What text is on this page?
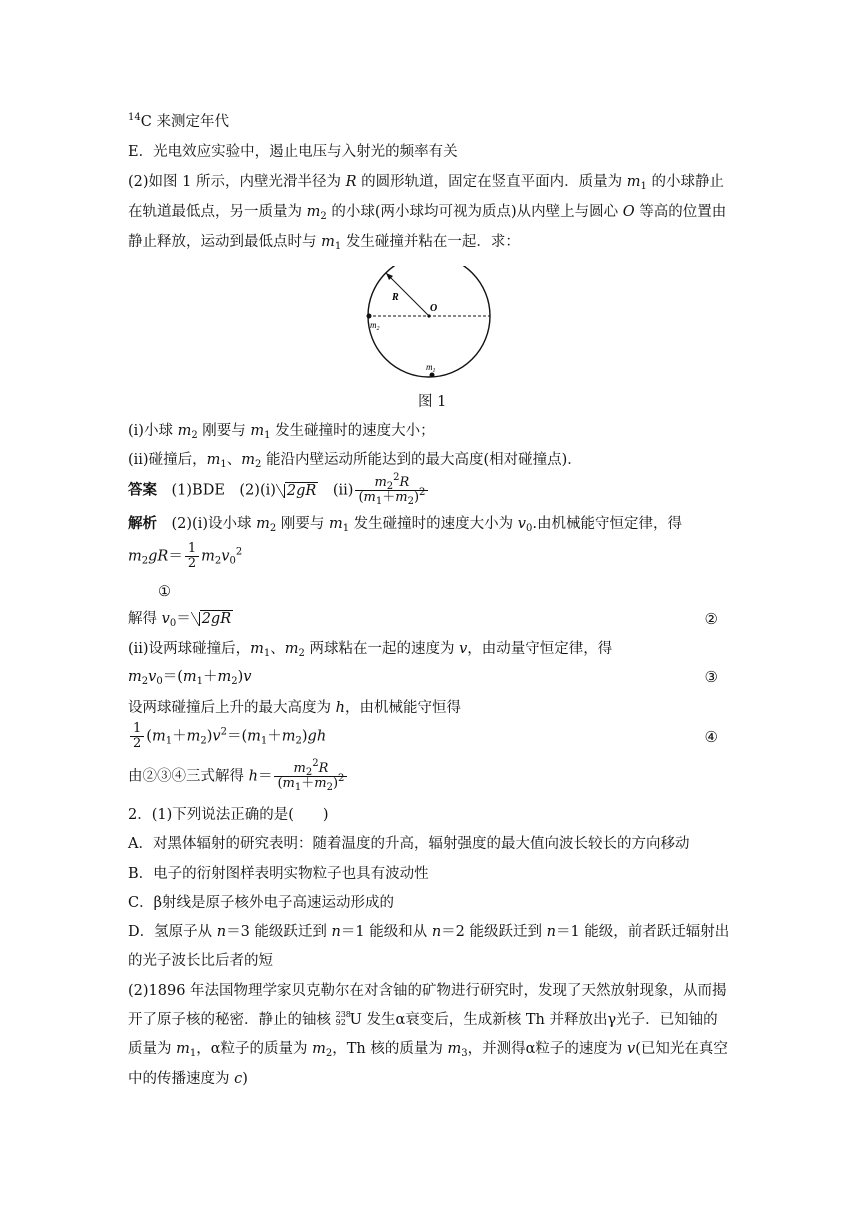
$^{14}$C 来测定年代
E．光电效应实验中，遏止电压与入射光的频率有关
(2)如图 1 所示，内壁光滑半径为 R 的圆形轨道，固定在竖直平面内．质量为 $m_1$ 的小球静止
在轨道最低点，另一质量为 $m_2$ 的小球(两小球均可视为质点)从内壁上与圆心 O 等高的位置由
静止释放，运动到最低点时与 $m_1$ 发生碰撞并粘在一起．求：
R
O
$m_2$
$m_1$
图 1
(ⅰ)小球 $m_2$ 刚要与 $m_1$ 发生碰撞时的速度大小；
(ⅱ)碰撞后，$m_1$、$m_2$ 能沿内壁运动所能达到的最大高度(相对碰撞点)．
答案　 (1)BDE　(2)(ⅰ) 2gR　(ⅱ) $\frac{m_2^2R}{(m_1+m_2)^2}$
解析　 (2)(ⅰ)设小球 $m_2$ 刚要与 $m_1$ 发生碰撞时的速度大小为 $v_0$.由机械能守恒定律，得
$m_2gR= \frac{1}{2} m_2v_0^2$
①
解得 $v_0= 2gR$	②
(ⅱ)设两球碰撞后，$m_1$、$m_2$ 两球粘在一起的速度为 v，由动量守恒定律，得
$m_2v_0=(m_1+m_2)v$	③
设两球碰撞后上升的最大高度为 h，由机械能守恒得
$\frac{1}{2} (m_1+m_2)v^2=(m_1+m_2)gh$	④
由②③④三式解得 $h= \frac{m_2^2R}{(m_1+m_2)^2}$
2．(1)下列说法正确的是(　　)
A．对黑体辐射的研究表明：随着温度的升高，辐射强度的最大值向波长较长的方向移动
B．电子的衍射图样表明实物粒子也具有波动性
C．β射线是原子核外电子高速运动形成的
D．氢原子从 n＝3 能级跃迁到 n＝1 能级和从 n＝2 能级跃迁到 n＝1 能级，前者跃迁辐射出
的光子波长比后者的短
(2)1896 年法国物理学家贝克勒尔在对含铀的矿物进行研究时，发现了天然放射现象，从而揭
开了原子核的秘密．静止的铀核 238
92 U 发生α衰变后，生成新核 Th 并释放出γ光子．已知铀的
质量为 $m_1$，α粒子的质量为 $m_2$，Th 核的质量为 $m_3$，并测得α粒子的速度为 v(已知光在真空
中的传播速度为 c)
